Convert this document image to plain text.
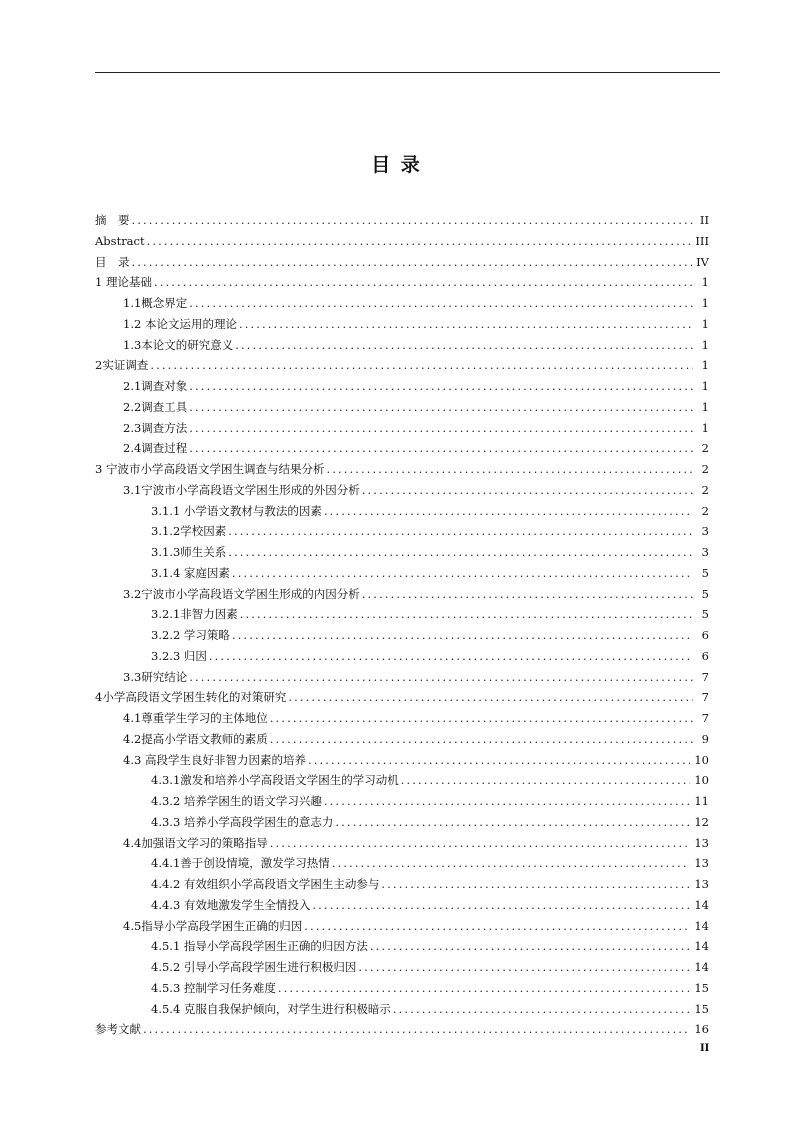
目 录
摘　要 .....	II
Abstract .....	III
目　录 .....	IV
1 理论基础 .....	1
1.1概念界定 .....	1
1.2 本论文运用的理论 .....	1
1.3本论文的研究意义 .....	1
2实证调查 .....	1
2.1调查对象 .....	1
2.2调查工具 .....	1
2.3调查方法 .....	1
2.4调查过程 .....	2
3 宁波市小学高段语文学困生调查与结果分析 .....	2
3.1宁波市小学高段语文学困生形成的外因分析 .....	2
3.1.1 小学语文教材与教法的因素 .....	2
3.1.2学校因素 .....	3
3.1.3师生关系 .....	3
3.1.4 家庭因素 .....	5
3.2宁波市小学高段语文学困生形成的内因分析 .....	5
3.2.1非智力因素 .....	5
3.2.2 学习策略 .....	6
3.2.3 归因 .....	6
3.3研究结论 .....	7
4小学高段语文学困生转化的对策研究 .....	7
4.1尊重学生学习的主体地位 .....	7
4.2提高小学语文教师的素质 .....	9
4.3 高段学生良好非智力因素的培养 .....	10
4.3.1激发和培养小学高段语文学困生的学习动机 .....	10
4.3.2 培养学困生的语文学习兴趣 .....	11
4.3.3 培养小学高段学困生的意志力 .....	12
4.4加强语文学习的策略指导 .....	13
4.4.1善于创设情境，激发学习热情 .....	13
4.4.2 有效组织小学高段语文学困生主动参与 .....	13
4.4.3 有效地激发学生全情投入 .....	14
4.5指导小学高段学困生正确的归因 .....	14
4.5.1 指导小学高段学困生正确的归因方法 .....	14
4.5.2 引导小学高段学困生进行积极归因 .....	14
4.5.3 控制学习任务难度 .....	15
4.5.4 克服自我保护倾向，对学生进行积极暗示 .....	15
参考文献 .....	16
II
